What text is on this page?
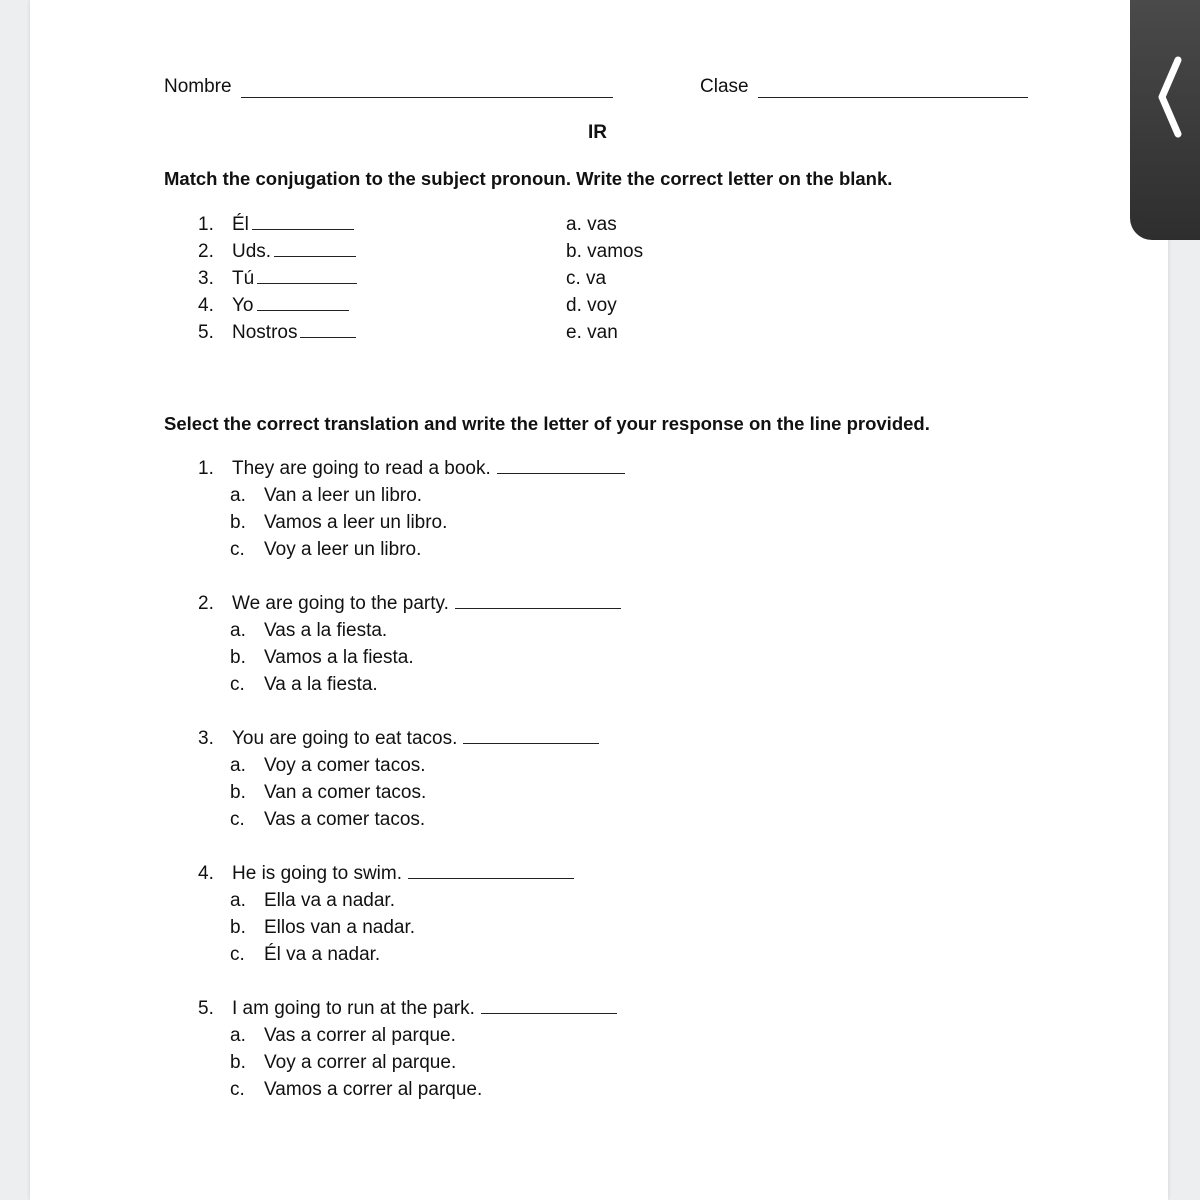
Nombre	Clase
IR
Match the conjugation to the subject pronoun. Write the correct letter on the blank.
1. Él
2. Uds.
3. Tú
4. Yo
5. Nostros
a. vas
b. vamos
c. va
d. voy
e. van
Select the correct translation and write the letter of your response on the line provided.
1. They are going to read a book.
a. Van a leer un libro.
b. Vamos a leer un libro.
c. Voy a leer un libro.
2. We are going to the party.
a. Vas a la fiesta.
b. Vamos a la fiesta.
c. Va a la fiesta.
3. You are going to eat tacos.
a. Voy a comer tacos.
b. Van a comer tacos.
c. Vas a comer tacos.
4. He is going to swim.
a. Ella va a nadar.
b. Ellos van a nadar.
c. Él va a nadar.
5. I am going to run at the park.
a. Vas a correr al parque.
b. Voy a correr al parque.
c. Vamos a correr al parque.
